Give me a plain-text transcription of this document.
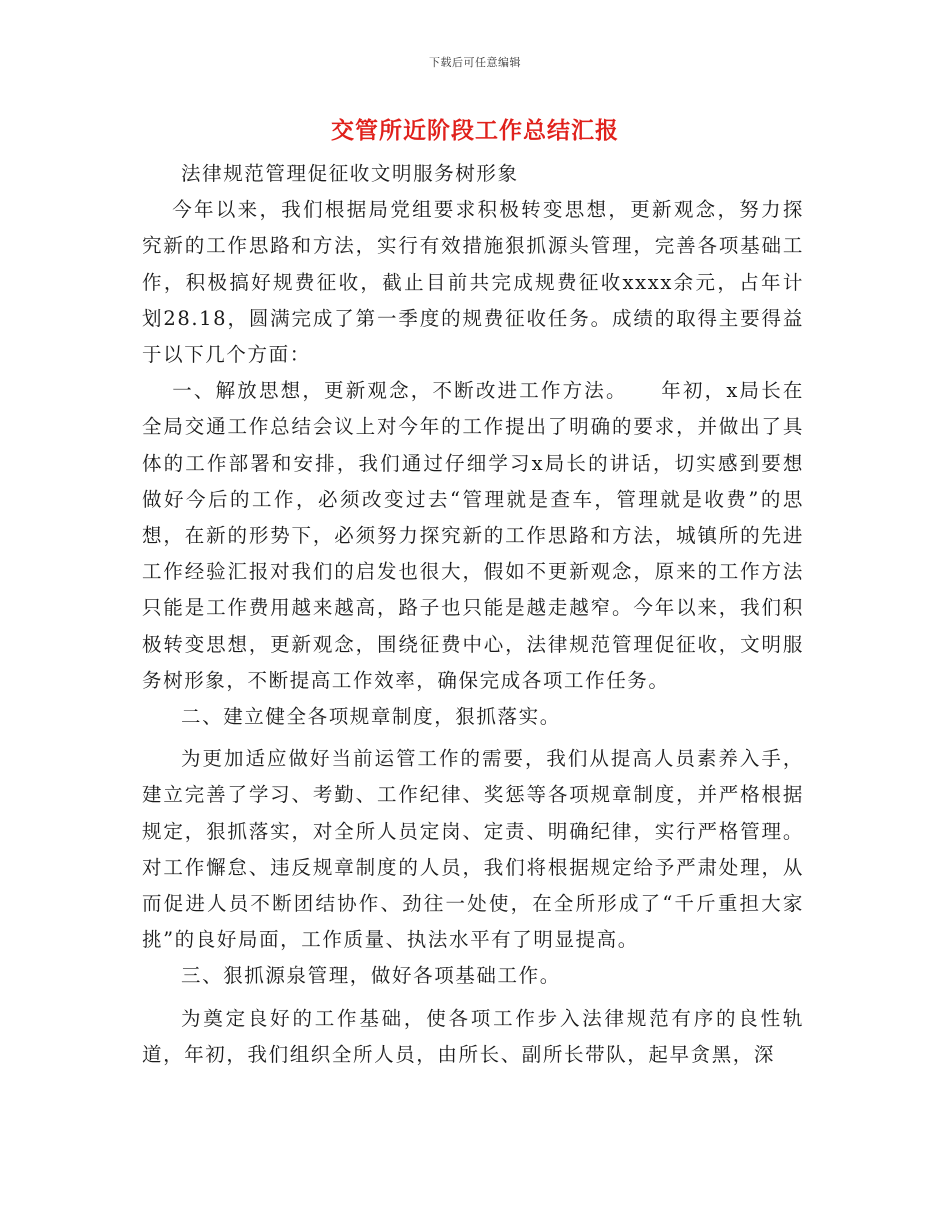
下载后可任意编辑
交管所近阶段工作总结汇报

法律规范管理促征收文明服务树形象

今年以来，我们根据局党组要求积极转变思想，更新观念，努力探究新的工作思路和方法，实行有效措施狠抓源头管理，完善各项基础工作，积极搞好规费征收，截止目前共完成规费征收xxxx余元，占年计划28.18，圆满完成了第一季度的规费征收任务。成绩的取得主要得益于以下几个方面：

一、解放思想，更新观念，不断改进工作方法。　　年初，x局长在全局交通工作总结会议上对今年的工作提出了明确的要求，并做出了具体的工作部署和安排，我们通过仔细学习x局长的讲话，切实感到要想做好今后的工作，必须改变过去“管理就是查车，管理就是收费”的思想，在新的形势下，必须努力探究新的工作思路和方法，城镇所的先进工作经验汇报对我们的启发也很大，假如不更新观念，原来的工作方法只能是工作费用越来越高，路子也只能是越走越窄。今年以来，我们积极转变思想，更新观念，围绕征费中心，法律规范管理促征收，文明服务树形象，不断提高工作效率，确保完成各项工作任务。

二、建立健全各项规章制度，狠抓落实。

为更加适应做好当前运管工作的需要，我们从提高人员素养入手，建立完善了学习、考勤、工作纪律、奖惩等各项规章制度，并严格根据规定，狠抓落实，对全所人员定岗、定责、明确纪律，实行严格管理。对工作懈怠、违反规章制度的人员，我们将根据规定给予严肃处理，从而促进人员不断团结协作、劲往一处使，在全所形成了“千斤重担大家挑”的良好局面，工作质量、执法水平有了明显提高。

三、狠抓源泉管理，做好各项基础工作。

为奠定良好的工作基础，使各项工作步入法律规范有序的良性轨道，年初，我们组织全所人员，由所长、副所长带队，起早贪黑，深
